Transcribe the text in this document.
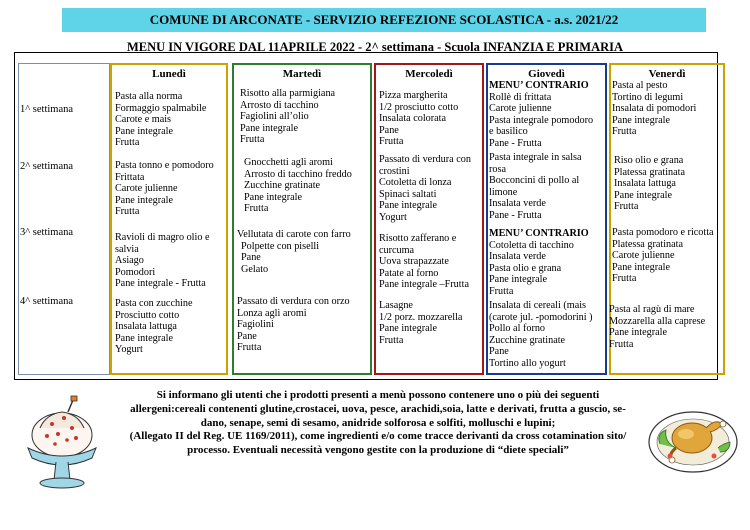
COMUNE DI ARCONATE - SERVIZIO REFEZIONE SCOLASTICA - a.s. 2021/22
MENU IN VIGORE DAL 11APRILE 2022 - 2^ settimana - Scuola INFANZIA E PRIMARIA
1^ settimana
2^ settimana
3^ settimana
4^ settimana
Lunedì
Pasta alla norma
Formaggio spalmabile
Carote e mais
Pane integrale
Frutta
Pasta tonno e pomodoro
Frittata
Carote julienne
Pane integrale
Frutta
Ravioli di magro olio e
salvia
Asiago
Pomodori
Pane integrale - Frutta
Pasta con zucchine
Prosciutto cotto
Insalata lattuga
Pane integrale
Yogurt
Martedì
Risotto alla parmigiana
Arrosto di tacchino
Fagiolini all’olio
Pane integrale
Frutta
Gnocchetti agli aromi
Arrosto di tacchino freddo
Zucchine gratinate
Pane integrale
Frutta
Vellutata di carote con farro
Polpette con piselli
Pane
Gelato
Passato di verdura con orzo
Lonza agli aromi
Fagiolini
Pane
Frutta
Mercoledì
Pizza margherita
1/2 prosciutto cotto
Insalata colorata
Pane
Frutta
Passato di verdura con
crostini
Cotoletta di lonza
Spinaci saltati
Pane integrale
Yogurt
Risotto zafferano e
curcuma
Uova strapazzate
Patate al forno
Pane integrale –Frutta
Lasagne
1/2 porz. mozzarella
Pane integrale
Frutta
Giovedì
MENU’ CONTRARIO
Rollè di frittata
Carote julienne
Pasta integrale pomodoro
e basilico
Pane - Frutta
Pasta integrale in salsa
rosa
Bocconcini di pollo al
limone
Insalata verde
Pane - Frutta
MENU’ CONTRARIO
Cotoletta di tacchino
Insalata verde
Pasta olio e grana
Pane integrale
Frutta
Insalata di cereali (mais
(carote jul. -pomodorini )
Pollo al forno
Zucchine gratinate
Pane
Tortino allo yogurt
Venerdì
Pasta al pesto
Tortino di legumi
Insalata di pomodori
Pane integrale
Frutta
Riso olio e grana
Platessa gratinata
Insalata lattuga
Pane integrale
Frutta
Pasta pomodoro e ricotta
Platessa gratinata
Carote julienne
Pane integrale
Frutta
Pasta al ragù di mare
Mozzarella alla caprese
Pane integrale
Frutta
Si informano gli utenti che i prodotti presenti a menù possono contenere uno o più dei seguenti
allergeni:cereali contenenti glutine,crostacei, uova, pesce, arachidi,soia, latte e derivati, frutta a guscio, se-
dano, senape, semi di sesamo, anidride solforosa e solfiti, molluschi e lupini;
(Allegato II del Reg. UE 1169/2011), come ingredienti e/o come tracce derivanti da cross cotamination sito/
processo. Eventuali necessità vengono gestite con la produzione di “diete speciali”
